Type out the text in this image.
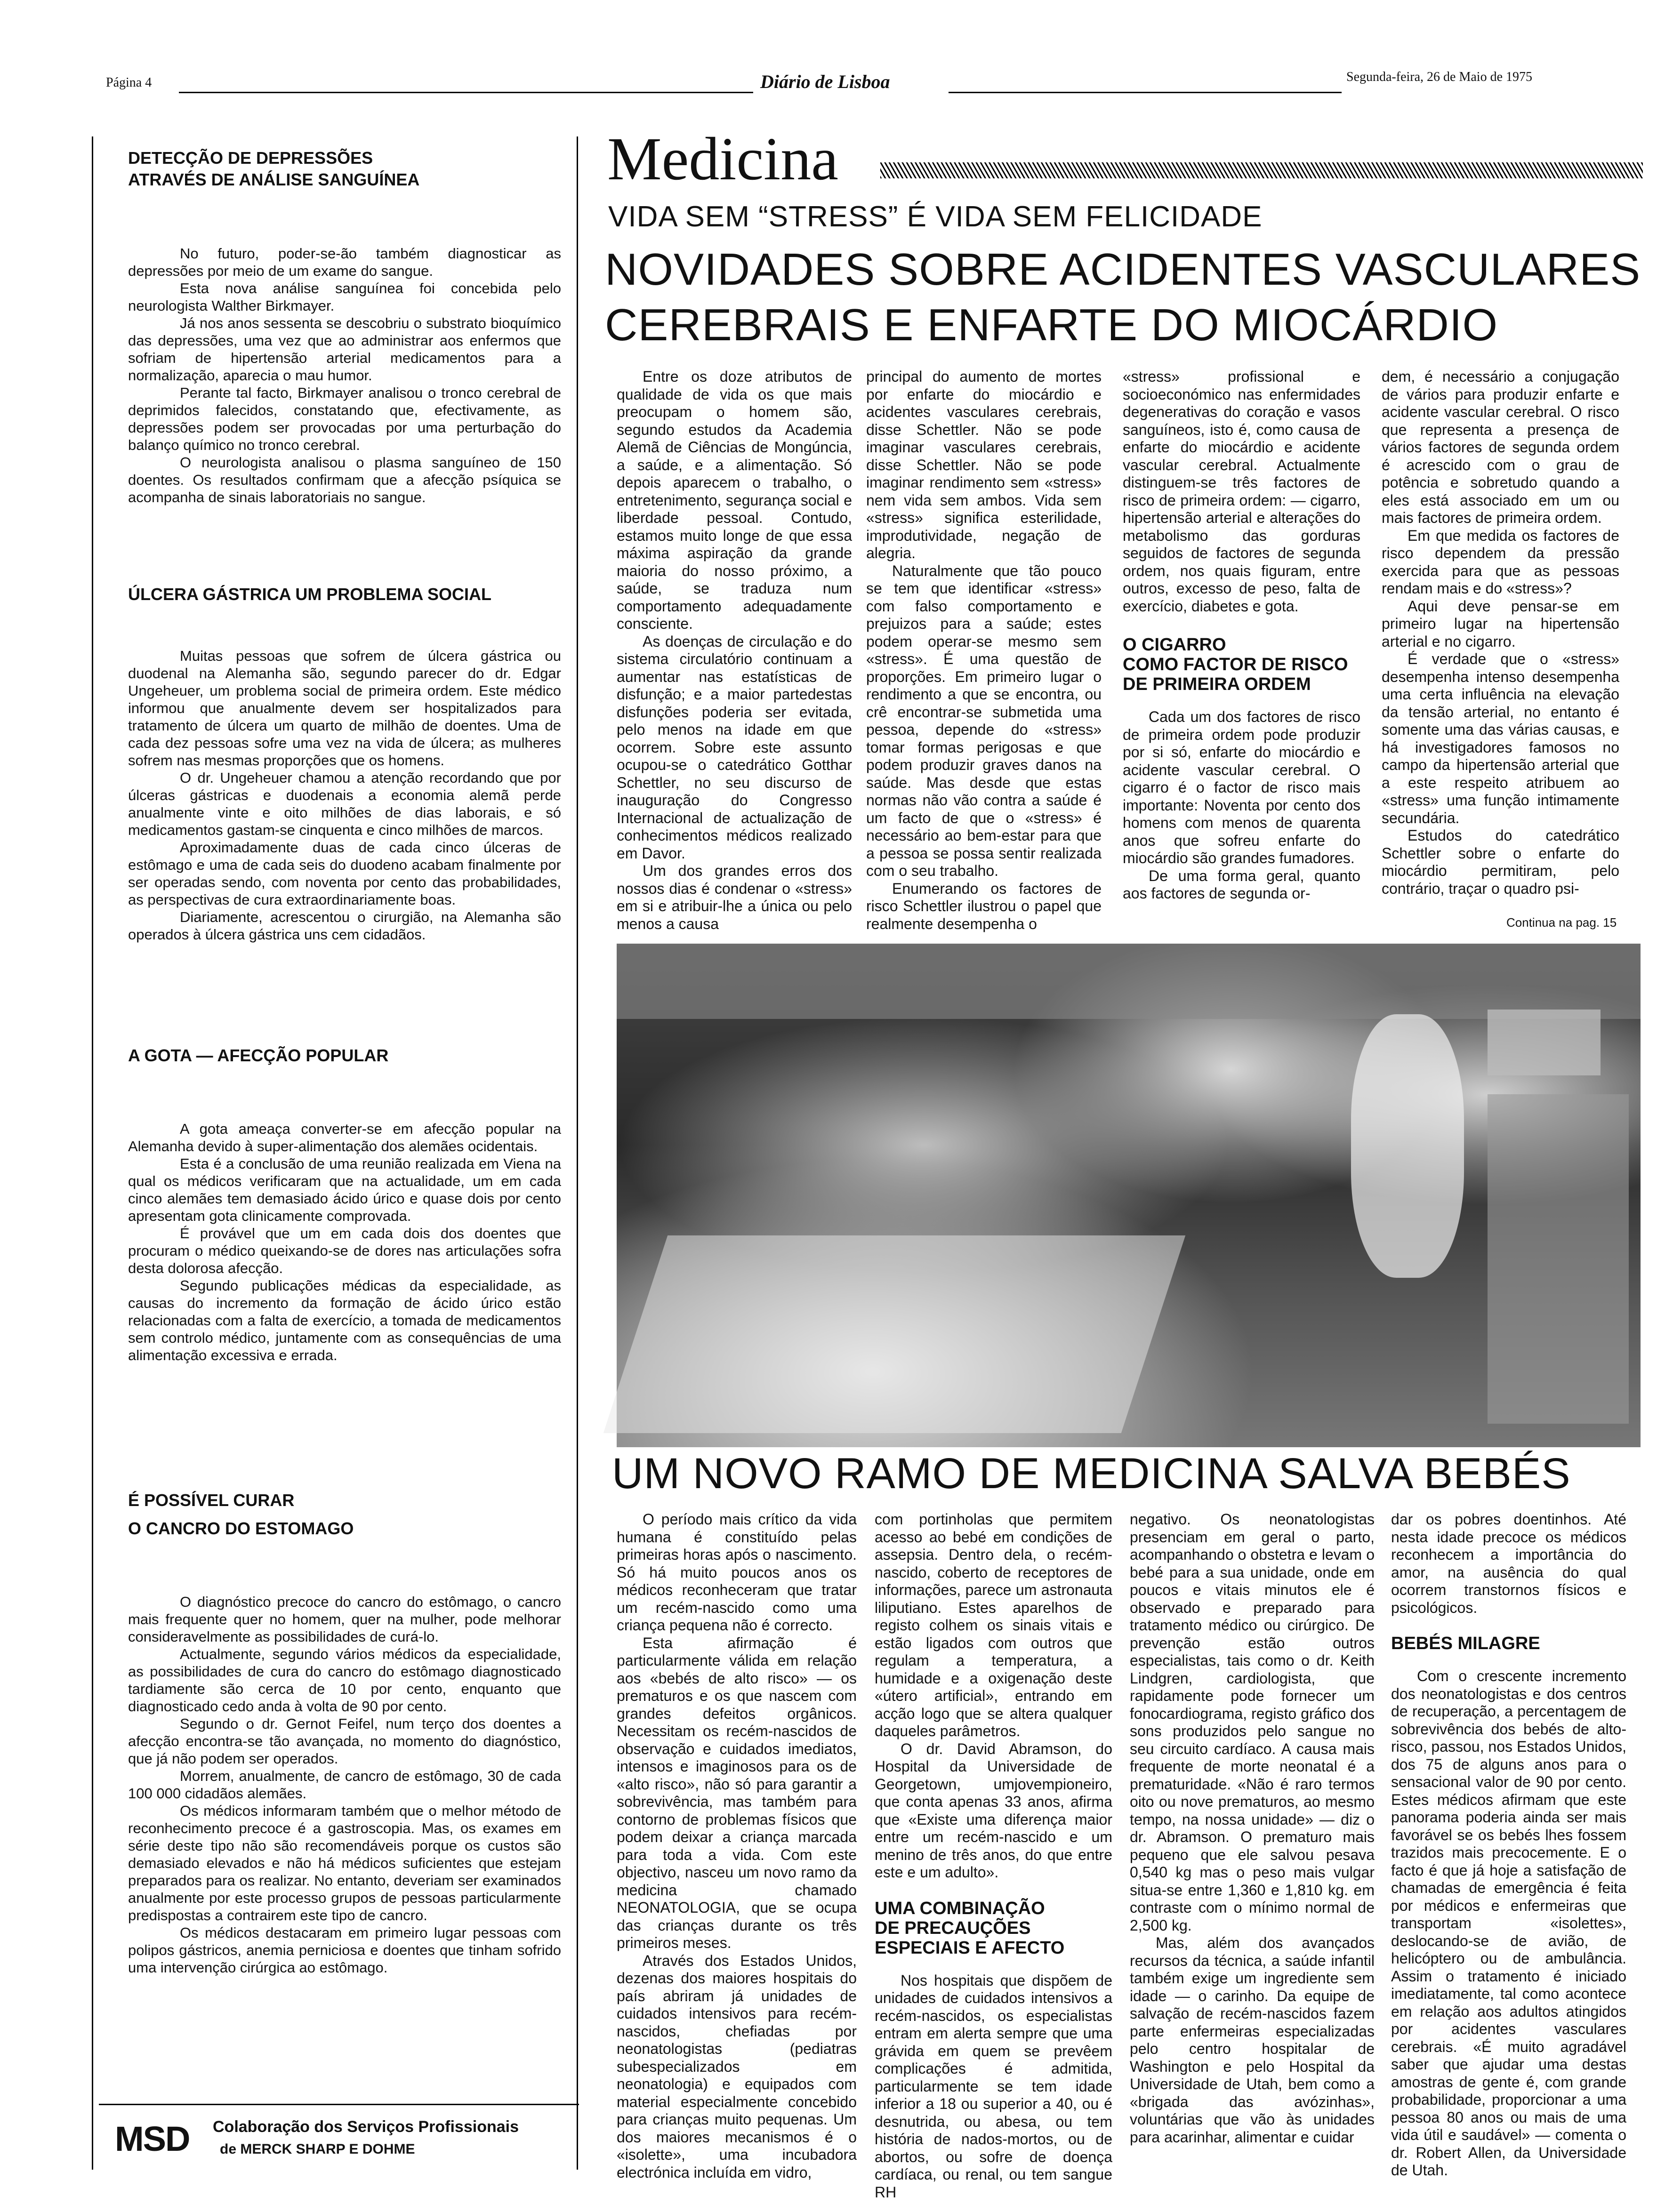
Página 4	Diário de Lisboa	Segunda-feira, 26 de Maio de 1975

DETECÇÃO DE DEPRESSÕES

ATRAVÉS DE ANÁLISE SANGUÍNEA

No futuro, poder-se-ão também diagnosticar as depressões por meio de um exame do sangue.

Esta nova análise sanguínea foi concebida pelo neurologista Walther Birkmayer.

Já nos anos sessenta se descobriu o substrato bioquímico das depressões, uma vez que ao administrar aos enfermos que sofriam de hipertensão arterial medicamentos para a normalização, aparecia o mau humor.

Perante tal facto, Birkmayer analisou o tronco cerebral de deprimidos falecidos, constatando que, efectivamente, as depressões podem ser provocadas por uma perturbação do balanço químico no tronco cerebral.

O neurologista analisou o plasma sanguíneo de 150 doentes. Os resultados confirmam que a afecção psíquica se acompanha de sinais laboratoriais no sangue.

ÚLCERA GÁSTRICA UM PROBLEMA SOCIAL

Muitas pessoas que sofrem de úlcera gástrica ou duodenal na Alemanha são, segundo parecer do dr. Edgar Ungeheuer, um problema social de primeira ordem. Este médico informou que anualmente devem ser hospitalizados para tratamento de úlcera um quarto de milhão de doentes. Uma de cada dez pessoas sofre uma vez na vida de úlcera; as mulheres sofrem nas mesmas proporções que os homens.

O dr. Ungeheuer chamou a atenção recordando que por úlceras gástricas e duodenais a economia alemã perde anualmente vinte e oito milhões de dias laborais, e só medicamentos gastam-se cinquenta e cinco milhões de marcos.

Aproximadamente duas de cada cinco úlceras de estômago e uma de cada seis do duodeno acabam finalmente por ser operadas sendo, com noventa por cento das probabilidades, as perspectivas de cura extraordinariamente boas.

Diariamente, acrescentou o cirurgião, na Alemanha são operados à úlcera gástrica uns cem cidadãos.

A GOTA — AFECÇÃO POPULAR

A gota ameaça converter-se em afecção popular na Alemanha devido à super-alimentação dos alemães ocidentais.

Esta é a conclusão de uma reunião realizada em Viena na qual os médicos verificaram que na actualidade, um em cada cinco alemães tem demasiado ácido úrico e quase dois por cento apresentam gota clinicamente comprovada.

É provável que um em cada dois dos doentes que procuram o médico queixando-se de dores nas articulações sofra desta dolorosa afecção.

Segundo publicações médicas da especialidade, as causas do incremento da formação de ácido úrico estão relacionadas com a falta de exercício, a tomada de medicamentos sem controlo médico, juntamente com as consequências de uma alimentação excessiva e errada.

É POSSÍVEL CURAR

O CANCRO DO ESTOMAGO

O diagnóstico precoce do cancro do estômago, o cancro mais frequente quer no homem, quer na mulher, pode melhorar consideravelmente as possibilidades de curá-lo.

Actualmente, segundo vários médicos da especialidade, as possibilidades de cura do cancro do estômago diagnosticado tardiamente são cerca de 10 por cento, enquanto que diagnosticado cedo anda à volta de 90 por cento.

Segundo o dr. Gernot Feifel, num terço dos doentes a afecção encontra-se tão avançada, no momento do diagnóstico, que já não podem ser operados.

Morrem, anualmente, de cancro de estômago, 30 de cada 100 000 cidadãos alemães.

Os médicos informaram também que o melhor método de reconhecimento precoce é a gastroscopia. Mas, os exames em série deste tipo não são recomendáveis porque os custos são demasiado elevados e não há médicos suficientes que estejam preparados para os realizar. No entanto, deveriam ser examinados anualmente por este processo grupos de pessoas particularmente predispostas a contrairem este tipo de cancro.

Os médicos destacaram em primeiro lugar pessoas com polipos gástricos, anemia perniciosa e doentes que tinham sofrido uma intervenção cirúrgica ao estômago.

MSD Colaboração dos Serviços Profissionais
de MERCK SHARP E DOHME
Medicina
VIDA SEM “STRESS” É VIDA SEM FELICIDADE
NOVIDADES SOBRE ACIDENTES VASCULARES
CEREBRAIS E ENFARTE DO MIOCÁRDIO

Entre os doze atributos de qualidade de vida os que mais preocupam o homem são, segundo estudos da Academia Alemã de Ciências de Mongúncia, a saúde, e a alimentação. Só depois aparecem o trabalho, o entretenimento, segurança social e liberdade pessoal. Contudo, estamos muito longe de que essa máxima aspiração da grande maioria do nosso próximo, a saúde, se traduza num comportamento adequadamente consciente.

As doenças de circulação e do sistema circulatório continuam a aumentar nas estatísticas de disfunção; e a maior partedestas disfunções poderia ser evitada, pelo menos na idade em que ocorrem. Sobre este assunto ocupou-se o catedrático Gotthar Schettler, no seu discurso de inauguração do Congresso Internacional de actualização de conhecimentos médicos realizado em Davor.

Um dos grandes erros dos nossos dias é condenar o «stress» em si e atribuir-lhe a única ou pelo menos a causa

principal do aumento de mortes por enfarte do miocárdio e acidentes vasculares cerebrais, disse Schettler. Não se pode imaginar vasculares cerebrais, disse Schettler. Não se pode imaginar rendimento sem «stress» nem vida sem ambos. Vida sem «stress» significa esterilidade, improdutividade, negação de alegria.

Naturalmente que tão pouco se tem que identificar «stress» com falso comportamento e prejuizos para a saúde; estes podem operar-se mesmo sem «stress». É uma questão de proporções. Em primeiro lugar o rendimento a que se encontra, ou crê encontrar-se submetida uma pessoa, depende do «stress» tomar formas perigosas e que podem produzir graves danos na saúde. Mas desde que estas normas não vão contra a saúde é um facto de que o «stress» é necessário ao bem-estar para que a pessoa se possa sentir realizada com o seu trabalho.

Enumerando os factores de risco Schettler ilustrou o papel que realmente desempenha o

«stress» profissional e socioeconómico nas enfermidades degenerativas do coração e vasos sanguíneos, isto é, como causa de enfarte do miocárdio e acidente vascular cerebral. Actualmente distinguem-se três factores de risco de primeira ordem: — cigarro, hipertensão arterial e alterações do metabolismo das gorduras seguidos de factores de segunda ordem, nos quais figuram, entre outros, excesso de peso, falta de exercício, diabetes e gota.

O CIGARRO
COMO FACTOR DE RISCO
DE PRIMEIRA ORDEM

Cada um dos factores de risco de primeira ordem pode produzir por si só, enfarte do miocárdio e acidente vascular cerebral. O cigarro é o factor de risco mais importante: Noventa por cento dos homens com menos de quarenta anos que sofreu enfarte do miocárdio são grandes fumadores.

De uma forma geral, quanto aos factores de segunda or-

dem, é necessário a conjugação de vários para produzir enfarte e acidente vascular cerebral. O risco que representa a presença de vários factores de segunda ordem é acrescido com o grau de potência e sobretudo quando a eles está associado em um ou mais factores de primeira ordem.

Em que medida os factores de risco dependem da pressão exercida para que as pessoas rendam mais e do «stress»?

Aqui deve pensar-se em primeiro lugar na hipertensão arterial e no cigarro.

É verdade que o «stress» desempenha intenso desempenha uma certa influência na elevação da tensão arterial, no entanto é somente uma das várias causas, e há investigadores famosos no campo da hipertensão arterial que a este respeito atribuem ao «stress» uma função intimamente secundária.

Estudos do catedrático Schettler sobre o enfarte do miocárdio permitiram, pelo contrário, traçar o quadro psi-

Continua na pag. 15
UM NOVO RAMO DE MEDICINA SALVA BEBÉS

O período mais crítico da vida humana é constituído pelas primeiras horas após o nascimento. Só há muito poucos anos os médicos reconheceram que tratar um recém-nascido como uma criança pequena não é correcto.

Esta afirmação é particularmente válida em relação aos «bebés de alto risco» — os prematuros e os que nascem com grandes defeitos orgânicos. Necessitam os recém-nascidos de observação e cuidados imediatos, intensos e imaginosos para os de «alto risco», não só para garantir a sobrevivência, mas também para contorno de problemas físicos que podem deixar a criança marcada para toda a vida. Com este objectivo, nasceu um novo ramo da medicina chamado NEONATOLOGIA, que se ocupa das crianças durante os três primeiros meses.

Através dos Estados Unidos, dezenas dos maiores hospitais do país abriram já unidades de cuidados intensivos para recém-nascidos, chefiadas por neonatologistas (pediatras subespecializados em neonatologia) e equipados com material especialmente concebido para crianças muito pequenas. Um dos maiores mecanismos é o «isolette», uma incubadora electrónica incluída em vidro,

com portinholas que permitem acesso ao bebé em condições de assepsia. Dentro dela, o recém-nascido, coberto de receptores de informações, parece um astronauta liliputiano. Estes aparelhos de registo colhem os sinais vitais e estão ligados com outros que regulam a temperatura, a humidade e a oxigenação deste «útero artificial», entrando em acção logo que se altera qualquer daqueles parâmetros.

O dr. David Abramson, do Hospital da Universidade de Georgetown, umjovempioneiro, que conta apenas 33 anos, afirma que «Existe uma diferença maior entre um recém-nascido e um menino de três anos, do que entre este e um adulto».

UMA COMBINAÇÃO
DE PRECAUÇÕES
ESPECIAIS E AFECTO

Nos hospitais que dispõem de unidades de cuidados intensivos a recém-nascidos, os especialistas entram em alerta sempre que uma grávida em quem se prevêem complicações é admitida, particularmente se tem idade inferior a 18 ou superior a 40, ou é desnutrida, ou abesa, ou tem história de nados-mortos, ou de abortos, ou sofre de doença cardíaca, ou renal, ou tem sangue RH

negativo. Os neonatologistas presenciam em geral o parto, acompanhando o obstetra e levam o bebé para a sua unidade, onde em poucos e vitais minutos ele é observado e preparado para tratamento médico ou cirúrgico. De prevenção estão outros especialistas, tais como o dr. Keith Lindgren, cardiologista, que rapidamente pode fornecer um fonocardiograma, registo gráfico dos sons produzidos pelo sangue no seu circuito cardíaco. A causa mais frequente de morte neonatal é a prematuridade. «Não é raro termos oito ou nove prematuros, ao mesmo tempo, na nossa unidade» — diz o dr. Abramson. O prematuro mais pequeno que ele salvou pesava 0,540 kg mas o peso mais vulgar situa-se entre 1,360 e 1,810 kg. em contraste com o mínimo normal de 2,500 kg.

Mas, além dos avançados recursos da técnica, a saúde infantil também exige um ingrediente sem idade — o carinho. Da equipe de salvação de recém-nascidos fazem parte enfermeiras especializadas pelo centro hospitalar de Washington e pelo Hospital da Universidade de Utah, bem como a «brigada das avózinhas», voluntárias que vão às unidades para acarinhar, alimentar e cuidar

dar os pobres doentinhos. Até nesta idade precoce os médicos reconhecem a importância do amor, na ausência do qual ocorrem transtornos físicos e psicológicos.

BEBÉS MILAGRE

Com o crescente incremento dos neonatologistas e dos centros de recuperação, a percentagem de sobrevivência dos bebés de alto-risco, passou, nos Estados Unidos, dos 75 de alguns anos para o sensacional valor de 90 por cento. Estes médicos afirmam que este panorama poderia ainda ser mais favorável se os bebés lhes fossem trazidos mais precocemente. E o facto é que já hoje a satisfação de chamadas de emergência é feita por médicos e enfermeiras que transportam «isolettes», deslocando-se de avião, de helicóptero ou de ambulância. Assim o tratamento é iniciado imediatamente, tal como acontece em relação aos adultos atingidos por acidentes vasculares cerebrais. «É muito agradável saber que ajudar uma destas amostras de gente é, com grande probabilidade, proporcionar a uma pessoa 80 anos ou mais de uma vida útil e saudável» — comenta o dr. Robert Allen, da Universidade de Utah.
